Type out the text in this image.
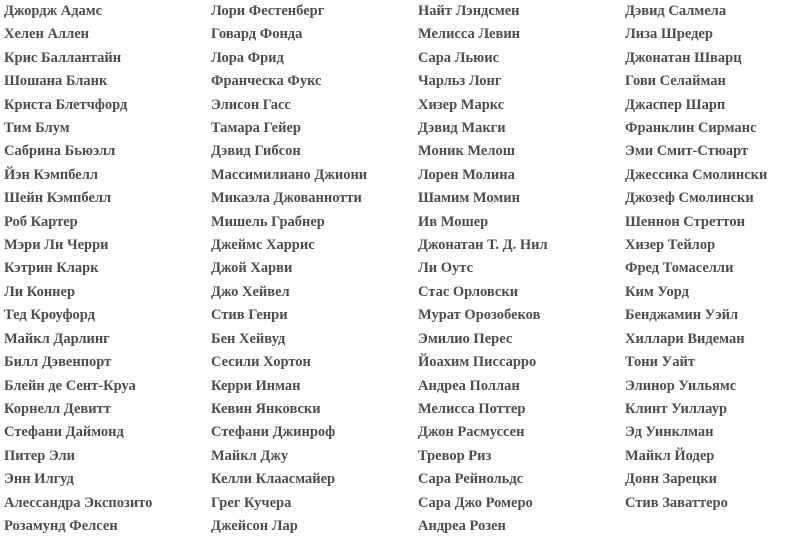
Джордж Адамс
Хелен Аллен
Крис Баллантайн
Шошана Бланк
Криста Блетчфорд
Тим Блум
Сабрина Бьюэлл
Йэн Кэмпбелл
Шейн Кэмпбелл
Роб Картер
Мэри Ли Черри
Кэтрин Кларк
Ли Коннер
Тед Кроуфорд
Майкл Дарлинг
Билл Дэвенпорт
Блейн де Сент-Круа
Корнелл Девитт
Стефани Даймонд
Питер Эли
Энн Илгуд
Алессандра Экспозито
Розамунд Фелсен
Лори Фестенберг
Говард Фонда
Лора Фрид
Франческа Фукс
Элисон Гасс
Тамара Гейер
Дэвид Гибсон
Массимилиано Джиони
Микаэла Джованнотти
Мишель Грабнер
Джеймс Харрис
Джой Харви
Джо Хейвел
Стив Генри
Бен Хейвуд
Сесили Хортон
Керри Инман
Кевин Янковски
Стефани Джинроф
Майкл Джу
Келли Клаасмайер
Грег Кучера
Джейсон Лар
Найт Лэндсмен
Мелисса Левин
Сара Льюис
Чарльз Лонг
Хизер Маркс
Дэвид Макги
Моник Мелош
Лорен Молина
Шамим Момин
Ив Мошер
Джонатан Т. Д. Нил
Ли Оутс
Стас Орловски
Мурат Орозобеков
Эмилио Перес
Йоахим Писсарро
Андреа Поллан
Мелисса Поттер
Джон Расмуссен
Тревор Риз
Сара Рейнольдс
Сара Джо Ромеро
Андреа Розен
Дэвид Салмела
Лиза Шредер
Джонатан Шварц
Гови Селайман
Джаспер Шарп
Франклин Сирманс
Эми Смит-Стюарт
Джессика Смолински
Джозеф Смолински
Шеннон Стреттон
Хизер Тейлор
Фред Томаселли
Ким Уорд
Бенджамин Уэйл
Хиллари Видеман
Тони Уайт
Элинор Уильямс
Клинт Уиллаур
Эд Уинклман
Майкл Йодер
Донн Зарецки
Стив Заваттеро
